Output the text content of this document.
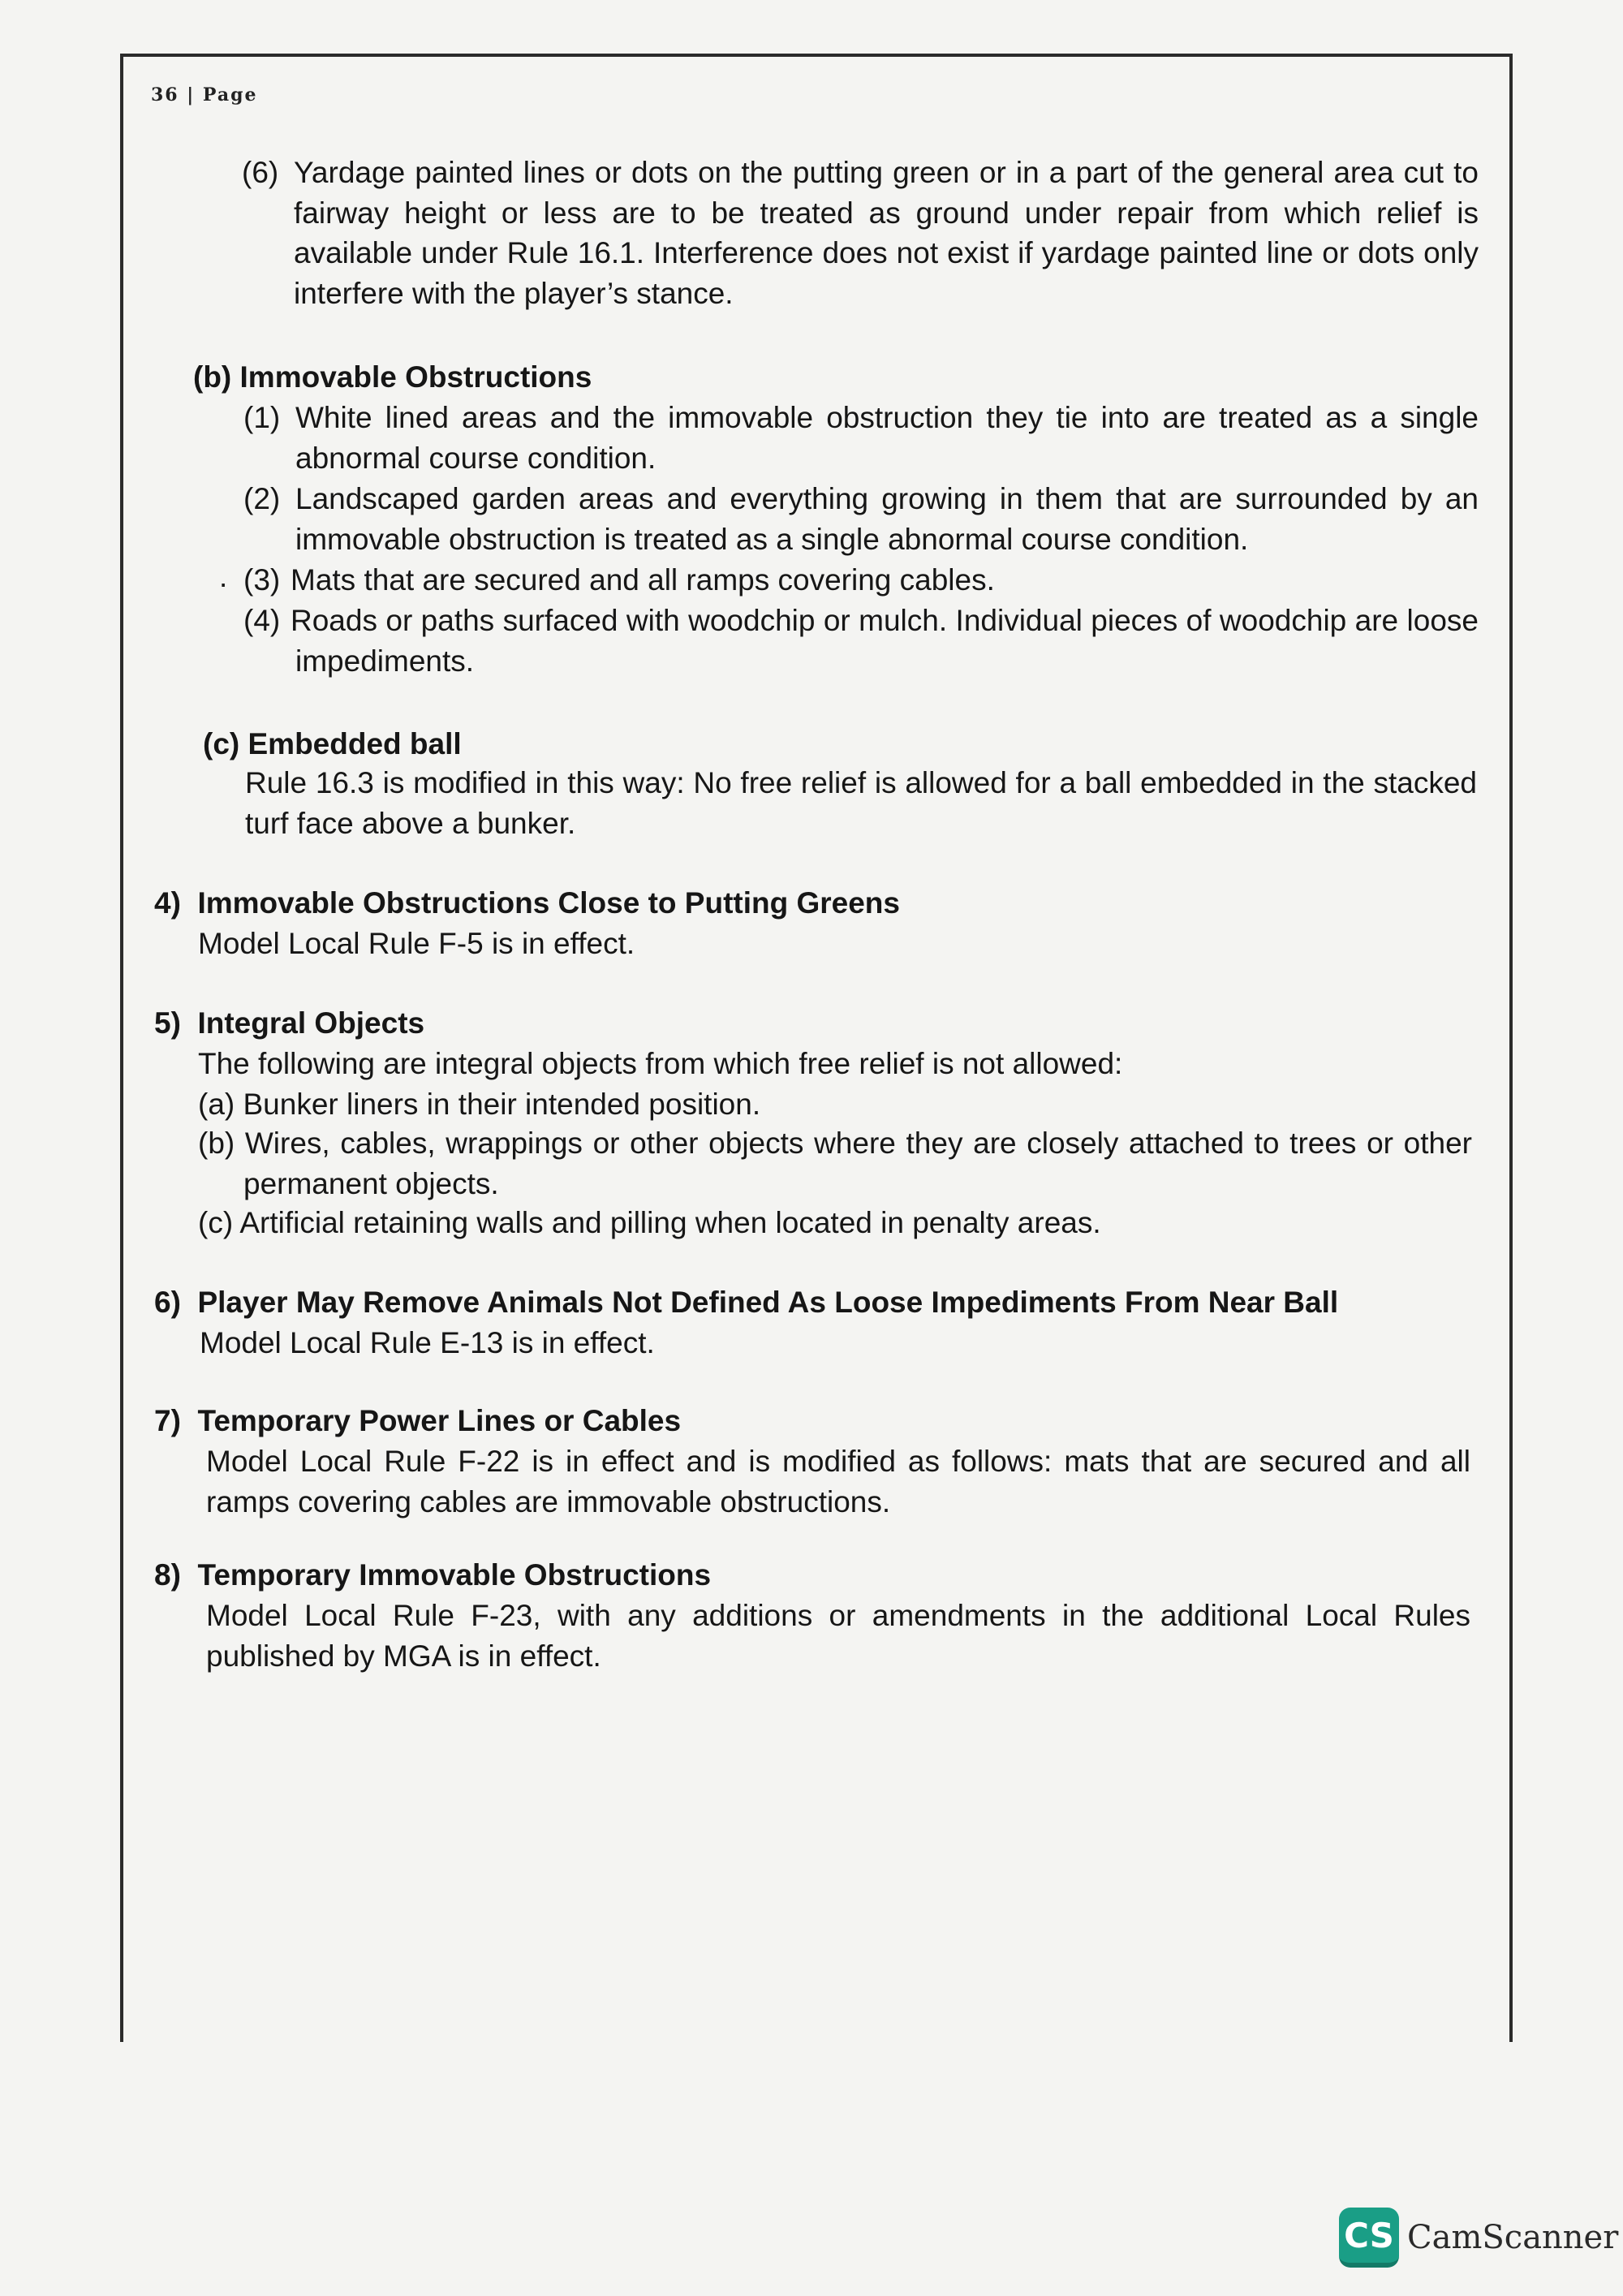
36 | Page
(6) Yardage painted lines or dots on the putting green or in a part of the general area cut to
fairway height or less are to be treated as ground under repair from which relief is
available under Rule 16.1. Interference does not exist if yardage painted line or dots only
interfere with the player’s stance.
(b) Immovable Obstructions
(1) White lined areas and the immovable obstruction they tie into are treated as a single
abnormal course condition.
(2) Landscaped garden areas and everything growing in them that are surrounded by an
immovable obstruction is treated as a single abnormal course condition.
. (3) Mats that are secured and all ramps covering cables.
(4) Roads or paths surfaced with woodchip or mulch. Individual pieces of woodchip are loose
impediments.
(c) Embedded ball
Rule 16.3 is modified in this way: No free relief is allowed for a ball embedded in the stacked
turf face above a bunker.
4)  Immovable Obstructions Close to Putting Greens
Model Local Rule F-5 is in effect.
5)  Integral Objects
The following are integral objects from which free relief is not allowed:
(a) Bunker liners in their intended position.
(b) Wires, cables, wrappings or other objects where they are closely attached to trees or other
permanent objects.
(c) Artificial retaining walls and pilling when located in penalty areas.
6)  Player May Remove Animals Not Defined As Loose Impediments From Near Ball
Model Local Rule E-13 is in effect.
7)  Temporary Power Lines or Cables
Model Local Rule F-22 is in effect and is modified as follows: mats that are secured and all
ramps covering cables are immovable obstructions.
8)  Temporary Immovable Obstructions
Model Local Rule F-23, with any additions or amendments in the additional Local Rules
published by MGA is in effect.
CS CamScanner
